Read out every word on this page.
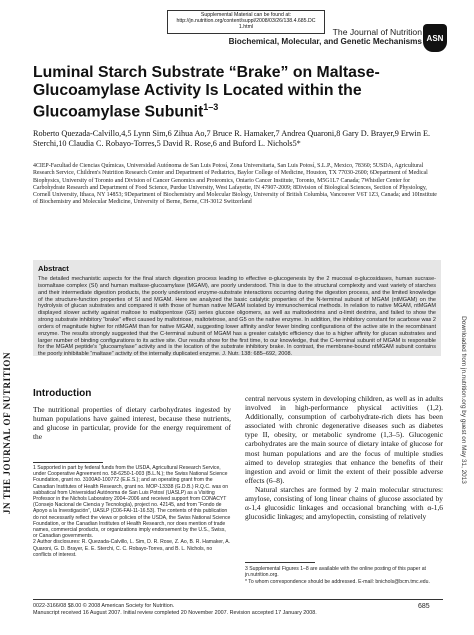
Supplemental Material can be found at:
http://jn.nutrition.org/content/suppl/2008/03/26/138.4.685.DC
1.html	The Journal of Nutrition
Biochemical, Molecular, and Genetic Mechanisms ASN
Luminal Starch Substrate “Brake” on Maltase-Glucoamylase Activity Is Located within the Glucoamylase Subunit$^{1-3}$
Roberto Quezada-Calvillo,4,5 Lynn Sim,6 Zihua Ao,7 Bruce R. Hamaker,7 Andrea Quaroni,8 Gary D. Brayer,9 Erwin E. Sterchi,10 Claudia C. Robayo-Torres,5 David R. Rose,6 and Buford L. Nichols5*
4CIEP-Facultad de Ciencias Químicas, Universidad Autónoma de San Luis Potosí, Zona Universitaria, San Luis Potosí, S.L.P., Mexico, 78360; 5USDA, Agricultural Research Service, Children's Nutrition Research Center and Department of Pediatrics, Baylor College of Medicine, Houston, TX 77030-2600; 6Department of Medical Biophysics, University of Toronto and Division of Cancer Genomics and Proteomics, Ontario Cancer Institute, Toronto, M5G1L7 Canada; 7Whistler Center for Carbohydrate Research and Department of Food Science, Purdue University, West Lafayette, IN 47907-2009; 8Division of Biological Sciences, Section of Physiology, Cornell University, Ithaca, NY 14853; 9Department of Biochemistry and Molecular Biology, University of British Columbia, Vancouver V6T 1Z3, Canada; and 10Institute of Biochemistry and Molecular Medicine, University of Berne, Berne, CH-3012 Switzerland
JN THE JOURNAL OF NUTRITION	Downloaded from jn.nutrition.org by guest on May 31, 2013
Abstract
The detailed mechanistic aspects for the final starch digestion process leading to effective α-glucogenesis by the 2 mucosal α-glucosidases, human sucrase-isomaltase complex (SI) and human maltase-glucoamylase (MGAM), are poorly understood. This is due to the structural complexity and vast variety of starches and their intermediate digestion products, the poorly understood enzyme-substrate interactions occurring during the digestion process, and the limited knowledge of the structure-function properties of SI and MGAM. Here we analyzed the basic catalytic properties of the N-terminal subunit of MGAM (ntMGAM) on the hydrolysis of glucan substrates and compared it with those of human native MGAM isolated by immunochemical methods. In relation to native MGAM, ntMGAM displayed slower activity against maltose to maltopentose (G5) series glucose oligomers, as well as maltodextrins and α-limit dextrins, and failed to show the strong substrate inhibitory “brake” effect caused by maltotriose, maltotetrose, and G5 on the native enzyme. In addition, the inhibitory constant for acarbose was 2 orders of magnitude higher for ntMGAM than for native MGAM, suggesting lower affinity and/or fewer binding configurations of the active site in the recombinant enzyme. The results strongly suggested that the C-terminal subunit of MGAM has a greater catalytic efficiency due to a higher affinity for glucan substrates and larger number of binding configurations to its active site. Our results show for the first time, to our knowledge, that the C-terminal subunit of MGAM is responsible for the MGAM peptide's “glucoamylase” activity and is the location of the substrate inhibitory brake. In contrast, the membrane-bound ntMGAM subunit contains the poorly inhibitable “maltase” activity of the internally duplicated enzyme. J. Nutr. 138: 685–692, 2008.
Introduction

The nutritional properties of dietary carbohydrates ingested by human populations have gained interest, because these nutrients, and glucose in particular, provide for the energy requirement of the

central nervous system in developing children, as well as in adults involved in high-performance physical activities (1,2). Additionally, consumption of carbohydrate-rich diets has been associated with chronic degenerative diseases such as diabetes type II, obesity, or metabolic syndrome (1,3–5). Glucogenic carbohydrates are the main source of dietary intake of glucose for most human populations and are the focus of multiple studies aimed to develop strategies that enhance the benefits of their ingestion and avoid or limit the extent of their possible adverse effects (6–8).

Natural starches are formed by 2 main molecular structures: amylose, consisting of long linear chains of glucose associated by α-1,4 glucosidic linkages and occasional branching with α-1,6 glucosidic linkages; and amylopectin, consisting of relatively

1 Supported in part by federal funds from the USDA, Agricultural Research Service, under Cooperative Agreement no. 58-6250-1-003 (B.L.N.); the Swiss National Science Foundation, grant no. 3100A0-100772 (E.E.S.); and an operating grant from the Canadian Institutes of Health Research, grant no. MOP-13338 (G.D.B.) R.Q.C. was on sabbatical from Universidad Autónoma de San Luis Potosí (UASLP) as a Visiting Professor in the Nichols Laboratory 2004–2006 and received support from CONACYT (Consejo Nacional de Ciencia y Tecnología), project no. 42145, and from “Fondo de Apoyo a la Investigación”, UASLP (C06-FAI-11-16.53). The contents of this publication do not necessarily reflect the views or policies of the USDA, the Swiss National Science Foundation, or the Canadian Institutes of Health Research, nor does mention of trade names, commercial products, or organizations imply endorsement by the U.S., Swiss, or Canadian governments.
2 Author disclosures: R. Quezada-Calvillo, L. Sim, D. R. Rose, Z. Ao, B. R. Hamaker, A. Quaroni, G. D. Brayer, E. E. Sterchi, C. C. Robayo-Torres, and B. L. Nichols, no conflicts of interest.
3 Supplemental Figures 1–8 are available with the online posting of this paper at jn.nutrition.org.
* To whom correspondence should be addressed. E-mail: bnichols@bcm.tmc.edu.
0022-3166/08 $8.00 © 2008 American Society for Nutrition.
Manuscript received 16 August 2007. Initial review completed 20 November 2007. Revision accepted 17 January 2008.
685
